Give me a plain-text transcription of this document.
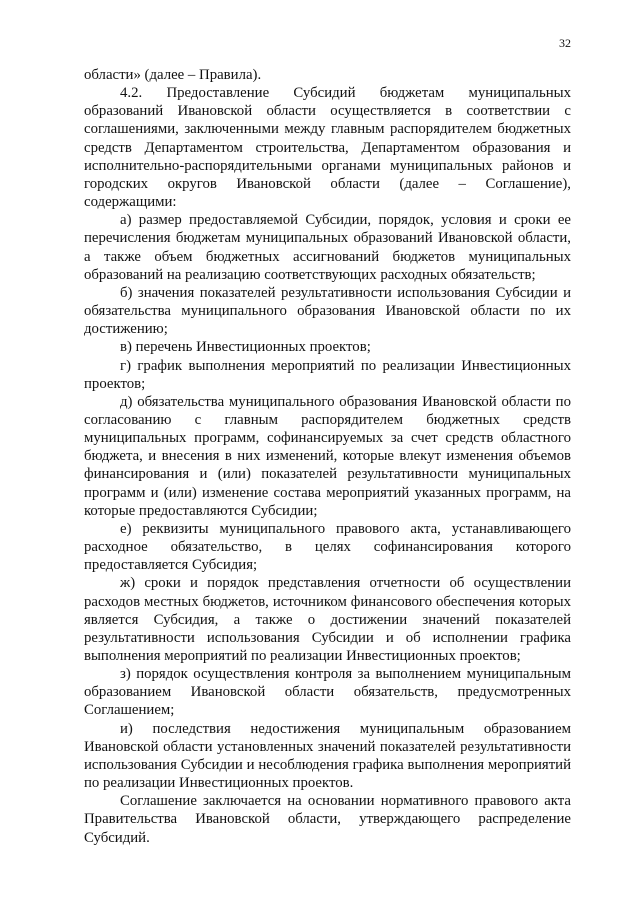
32

области» (далее – Правила).

4.2. Предоставление Субсидий бюджетам муниципальных образований Ивановской области осуществляется в соответствии с соглашениями, заключенными между главным распорядителем бюджетных средств Департаментом строительства, Департаментом образования и исполнительно-распорядительными органами муниципальных районов и городских округов Ивановской области (далее – Соглашение), содержащими:

а) размер предоставляемой Субсидии, порядок, условия и сроки ее перечисления бюджетам муниципальных образований Ивановской области, а также объем бюджетных ассигнований бюджетов муниципальных образований на реализацию соответствующих расходных обязательств;

б) значения показателей результативности использования Субсидии и обязательства муниципального образования Ивановской области по их достижению;

в) перечень Инвестиционных проектов;

г) график выполнения мероприятий по реализации Инвестиционных проектов;

д) обязательства муниципального образования Ивановской области по согласованию с главным распорядителем бюджетных средств муниципальных программ, софинансируемых за счет средств областного бюджета, и внесения в них изменений, которые влекут изменения объемов финансирования и (или) показателей результативности муниципальных программ и (или) изменение состава мероприятий указанных программ, на которые предоставляются Субсидии;

е) реквизиты муниципального правового акта, устанавливающего расходное обязательство, в целях софинансирования которого предоставляется Субсидия;

ж) сроки и порядок представления отчетности об осуществлении расходов местных бюджетов, источником финансового обеспечения которых является Субсидия, а также о достижении значений показателей результативности использования Субсидии и об исполнении графика выполнения мероприятий по реализации Инвестиционных проектов;

з) порядок осуществления контроля за выполнением муниципальным образованием Ивановской области обязательств, предусмотренных Соглашением;

и) последствия недостижения муниципальным образованием Ивановской области установленных значений показателей результативности использования Субсидии и несоблюдения графика выполнения мероприятий по реализации Инвестиционных проектов.

Соглашение заключается на основании нормативного правового акта Правительства Ивановской области, утверждающего распределение Субсидий.
